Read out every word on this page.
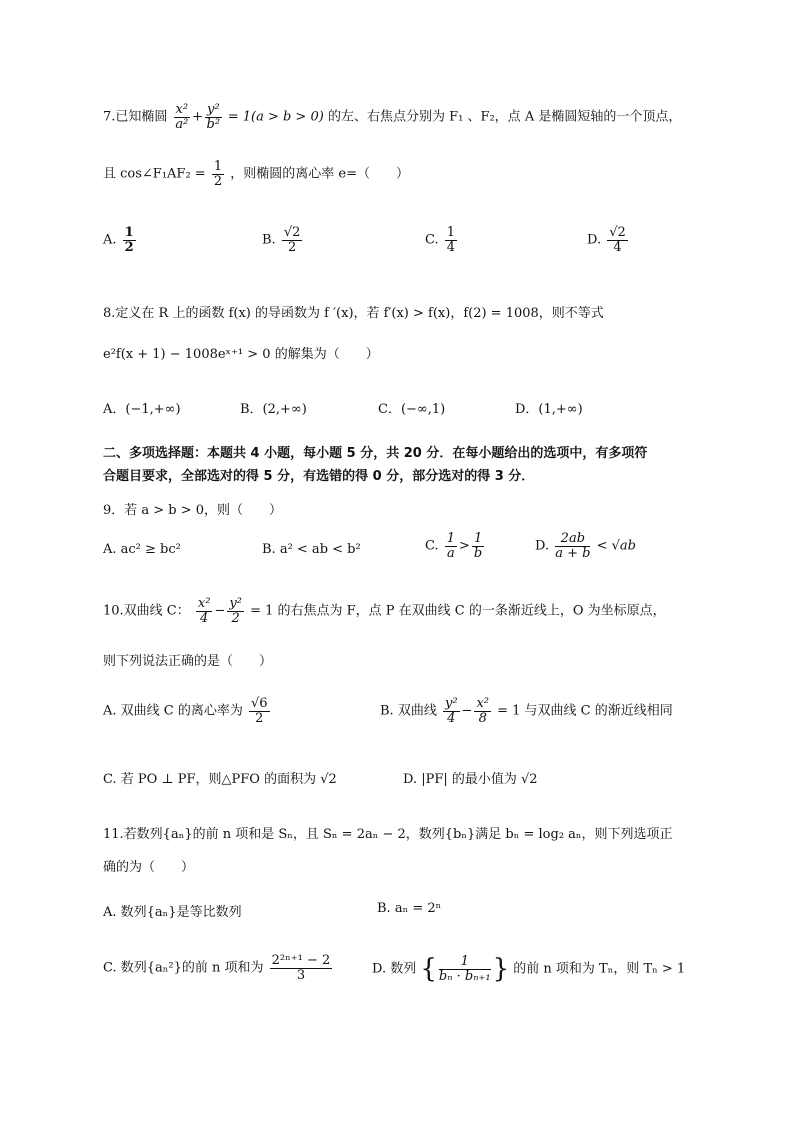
7.已知椭圆 $\frac{\text{x²}}{\text{a²}} + \frac{\text{y²}}{\text{b²}} = 1(a > b > 0)$ 的左、右焦点分别为 F₁ 、F₂，点 A 是椭圆短轴的一个顶点，
且 cos∠F₁AF₂ = $\frac{1}{2}$ ，则椭圆的离心率 e=（　　）
A. $\frac{1}{2}$	B. $\frac{√2}{2}$	C. $\frac{1}{4}$	D. $\frac{√2}{4}$
8.定义在 R 上的函数 f(x) 的导函数为 f ′(x)，若 f′(x) > f(x)，f(2) = 1008，则不等式
e²f(x + 1) − 1008eˣ⁺¹ > 0 的解集为（　　）
A．(−1,+∞)	B．(2,+∞)	C．(−∞,1)	D．(1,+∞)
二、多项选择题：本题共 4 小题，每小题 5 分，共 20 分．在每小题给出的选项中，有多项符
合题目要求，全部选对的得 5 分，有选错的得 0 分，部分选对的得 3 分．
9．若 a > b > 0，则（　　）
A. ac² ≥ bc²	B. a² < ab < b²	C. $\frac{1}{a} > \frac{1}{b}$	D. $\frac{2ab}{a + b} < √ab$
10.双曲线 C： $\frac{\text{x²}}{4} - \frac{\text{y²}}{2} = 1$ 的右焦点为 F，点 P 在双曲线 C 的一条渐近线上，O 为坐标原点，
则下列说法正确的是（　　）
A. 双曲线 C 的离心率为 $\frac{√6}{2}$	B. 双曲线 $\frac{\text{y²}}{4} - \frac{\text{x²}}{8} = 1$ 与双曲线 C 的渐近线相同
C. 若 PO ⊥ PF，则△PFO 的面积为 √2	D. |PF| 的最小值为 √2
11.若数列{aₙ}的前 n 项和是 Sₙ，且 Sₙ = 2aₙ − 2，数列{bₙ}满足 bₙ = log₂ aₙ，则下列选项正
确的为（　　）
A. 数列{aₙ}是等比数列	B. aₙ = 2ⁿ
C. 数列{aₙ²}的前 n 项和为 $\frac{\text{2²ⁿ⁺¹ − 2}}{3}$	D. 数列 { $\frac{1}{\text{bₙ · bₙ₊₁}}$ } 的前 n 项和为 Tₙ，则 Tₙ > 1
